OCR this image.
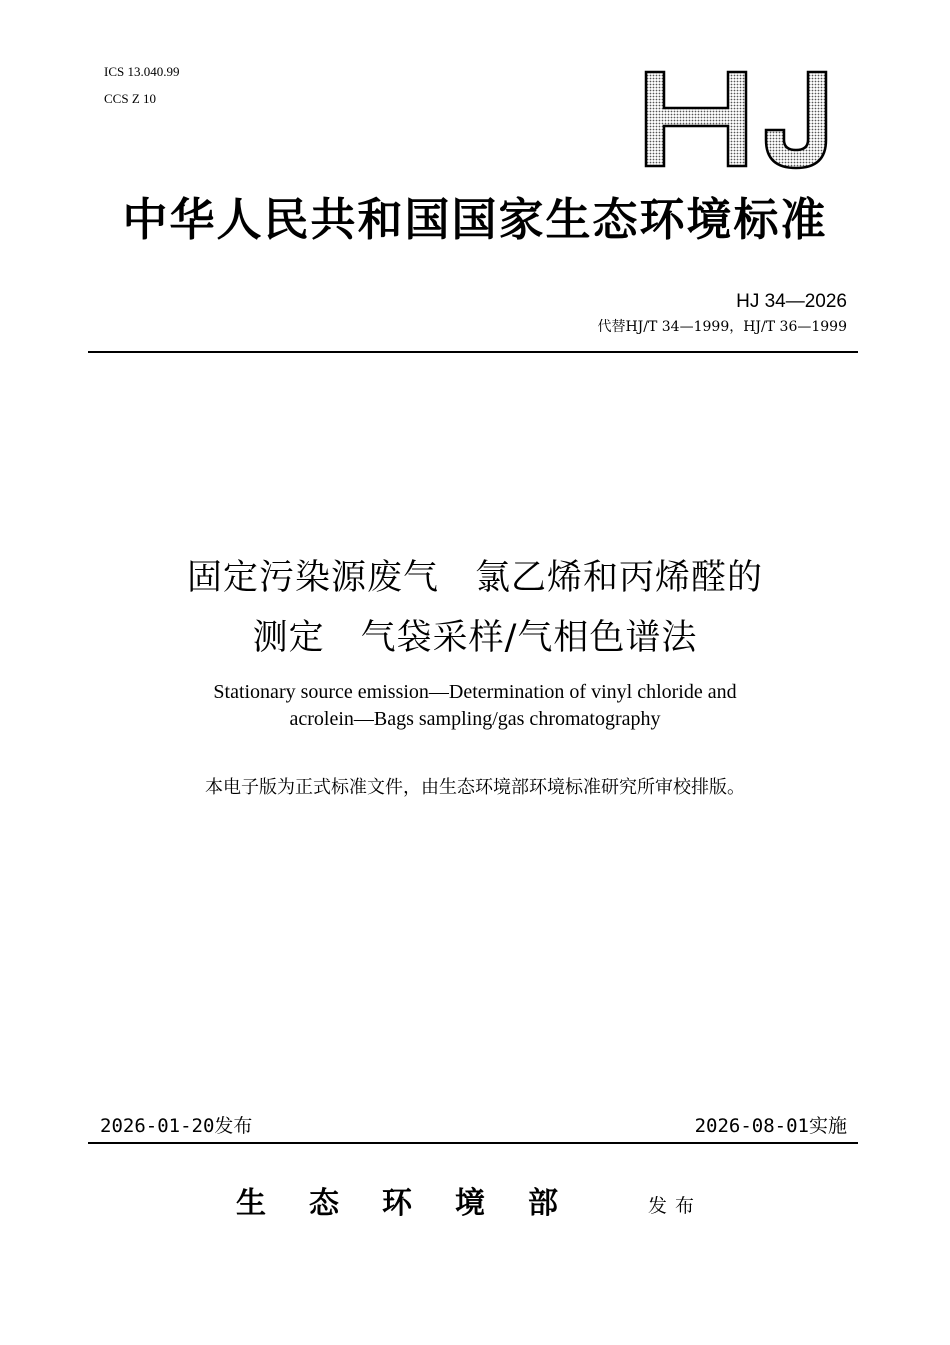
ICS 13.040.99
CCS Z 10
中华人民共和国国家生态环境标准
HJ 34—2026
代替HJ/T 34—1999，HJ/T 36—1999
固定污染源废气　氯乙烯和丙烯醛的
测定　气袋采样/气相色谱法
Stationary source emission—Determination of vinyl chloride and
acrolein—Bags sampling/gas chromatography
本电子版为正式标准文件，由生态环境部环境标准研究所审校排版。
2026-01-20发布	2026-08-01实施
生态环境部 发布
